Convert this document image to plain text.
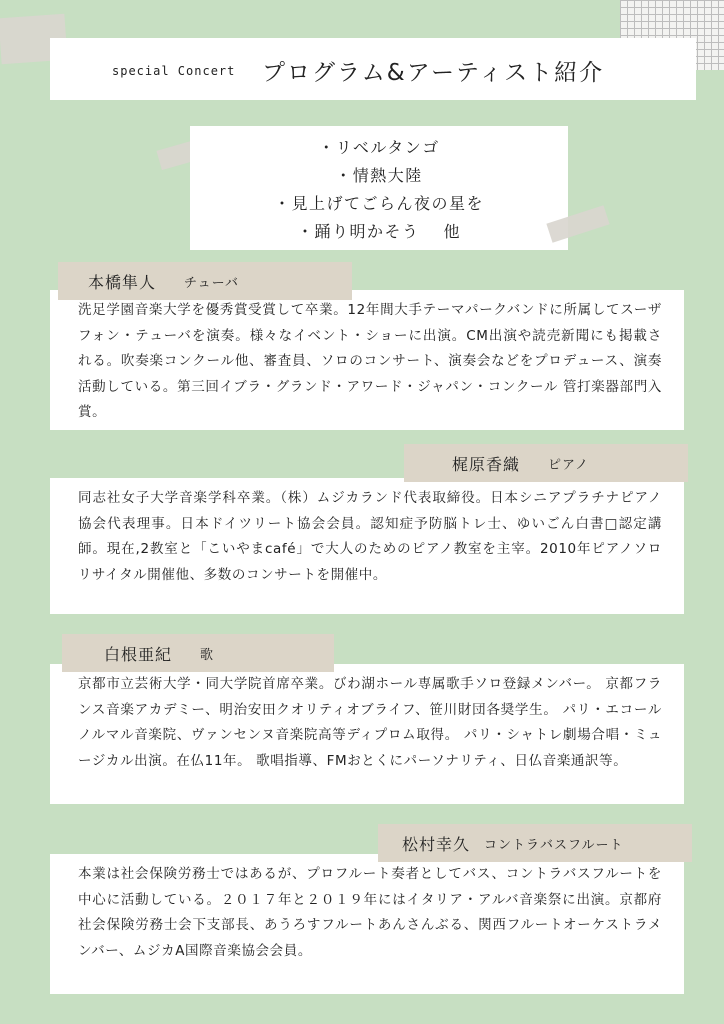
special Concert プログラム&アーティスト紹介
・リベルタンゴ
・情熱大陸
・見上げてごらん夜の星を
・踊り明かそう　 他

洗足学園音楽大学を優秀賞受賞して卒業。12年間大手テーマパークバンドに所属してスーザフォン・テューバを演奏。様々なイベント・ショーに出演。CM出演や読売新聞にも掲載される。吹奏楽コンクール他、審査員、ソロのコンサート、演奏会などをプロデュース、演奏活動している。第三回イブラ・グランド・アワード・ジャパン・コンクール 管打楽器部門入賞。

本橋隼人 チューバ

同志社女子大学音楽学科卒業。（株）ムジカランド代表取締役。日本シニアプラチナピアノ協会代表理事。日本ドイツリート協会会員。認知症予防脳トレ士、ゆいごん白書□認定講師。現在,2教室と「こいやまcafé」で大人のためのピアノ教室を主宰。2010年ピアノソロリサイタル開催他、多数のコンサートを開催中。

梶原香織 ピアノ

京都市立芸術大学・同大学院首席卒業。びわ湖ホール専属歌手ソロ登録メンバー。 京都フランス音楽アカデミー、明治安田クオリティオブライフ、笹川財団各奨学生。 パリ・エコールノルマル音楽院、ヴァンセンヌ音楽院高等ディプロム取得。 パリ・シャトレ劇場合唱・ミュージカル出演。在仏11年。 歌唱指導、FMおとくにパーソナリティ、日仏音楽通訳等。

白根亜紀 歌

本業は社会保険労務士ではあるが、プロフルート奏者としてバス、コントラバスフルートを中心に活動している。２０１７年と２０１９年にはイタリア・アルバ音楽祭に出演。京都府社会保険労務士会下支部長、あうろすフルートあんさんぶる、関西フルートオーケストラメンバー、ムジカA国際音楽協会会員。

松村幸久 コントラバスフルート
